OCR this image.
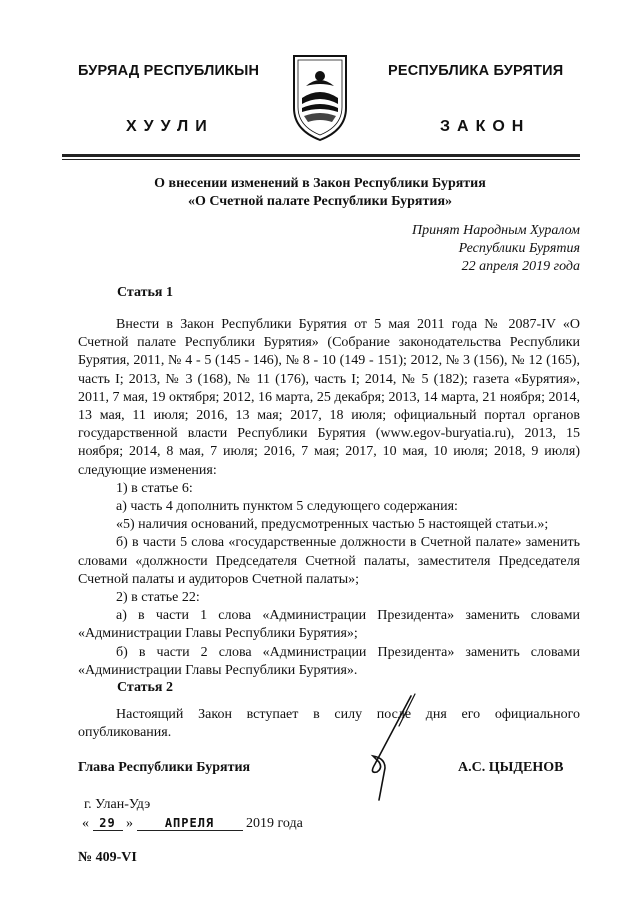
БУРЯАД РЕСПУБЛИКЫН	РЕСПУБЛИКА БУРЯТИЯ
ХУУЛИ	ЗАКОН
О внесении изменений в Закон Республики Бурятия
«О Счетной палате Республики Бурятия»
Принят Народным Хуралом
Республики Бурятия
22 апреля 2019 года
Статья 1

Внести в Закон Республики Бурятия от 5 мая 2011 года № 2087-IV «О Счетной палате Республики Бурятия» (Собрание законодательства Республики Бурятия, 2011, № 4 - 5 (145 - 146), № 8 - 10 (149 - 151); 2012, № 3 (156), № 12 (165), часть I; 2013, № 3 (168), № 11 (176), часть I; 2014, № 5 (182); газета «Бурятия», 2011, 7 мая, 19 октября; 2012, 16 марта, 25 декабря; 2013, 14 марта, 21 ноября; 2014, 13 мая, 11 июля; 2016, 13 мая; 2017, 18 июля; официальный портал органов государственной власти Республики Бурятия (www.egov-buryatia.ru), 2013, 15 ноября; 2014, 8 мая, 7 июля; 2016, 7 мая; 2017, 10 мая, 10 июля; 2018, 9 июля) следующие изменения:

1) в статье 6:

а) часть 4 дополнить пунктом 5 следующего содержания:

«5) наличия оснований, предусмотренных частью 5 настоящей статьи.»;

б) в части 5 слова «государственные должности в Счетной палате» заменить словами «должности Председателя Счетной палаты, заместителя Председателя Счетной палаты и аудиторов Счетной палаты»;

2) в статье 22:

а) в части 1 слова «Администрации Президента» заменить словами «Администрации Главы Республики Бурятия»;

б) в части 2 слова «Администрации Президента» заменить словами «Администрации Главы Республики Бурятия».

Статья 2

Настоящий Закон вступает в силу после дня его официального опубликования.

Глава Республики Бурятия	А.С. ЦЫДЕНОВ
г. Улан-Удэ
« 29 »	АПРЕЛЯ 2019 года
№ 409-VI
